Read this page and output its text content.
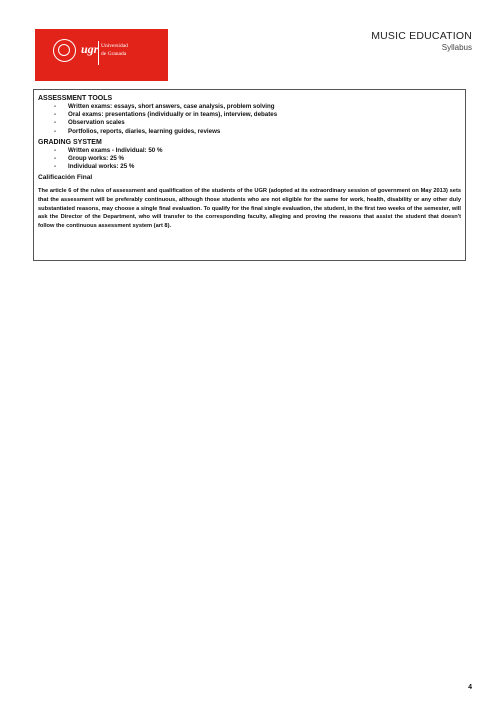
ugr Universidad
de Granada
MUSIC EDUCATION
Syllabus

ASSESSMENT TOOLS

- Written exams: essays, short answers, case analysis, problem solving
- Oral exams: presentations (individually or in teams), interview, debates
- Observation scales
- Portfolios, reports, diaries, learning guides, reviews

GRADING SYSTEM

- Written exams - Individual: 50 %
- Group works: 25 %
- Individual works: 25 %
Calificación Final
The article 6 of the rules of assessment and qualification of the students of the UGR (adopted at its extraordinary session of government on May 2013) sets that the assessment will be preferably continuous, although those students who are not eligible for the same for work, health, disability or any other duly substantiated reasons, may choose a single final evaluation. To qualify for the final single evaluation, the student, in the first two weeks of the semester, will ask the Director of the Department, who will transfer to the corresponding faculty, alleging and proving the reasons that assist the student that doesn't follow the continuous assessment system (art 8).
4
